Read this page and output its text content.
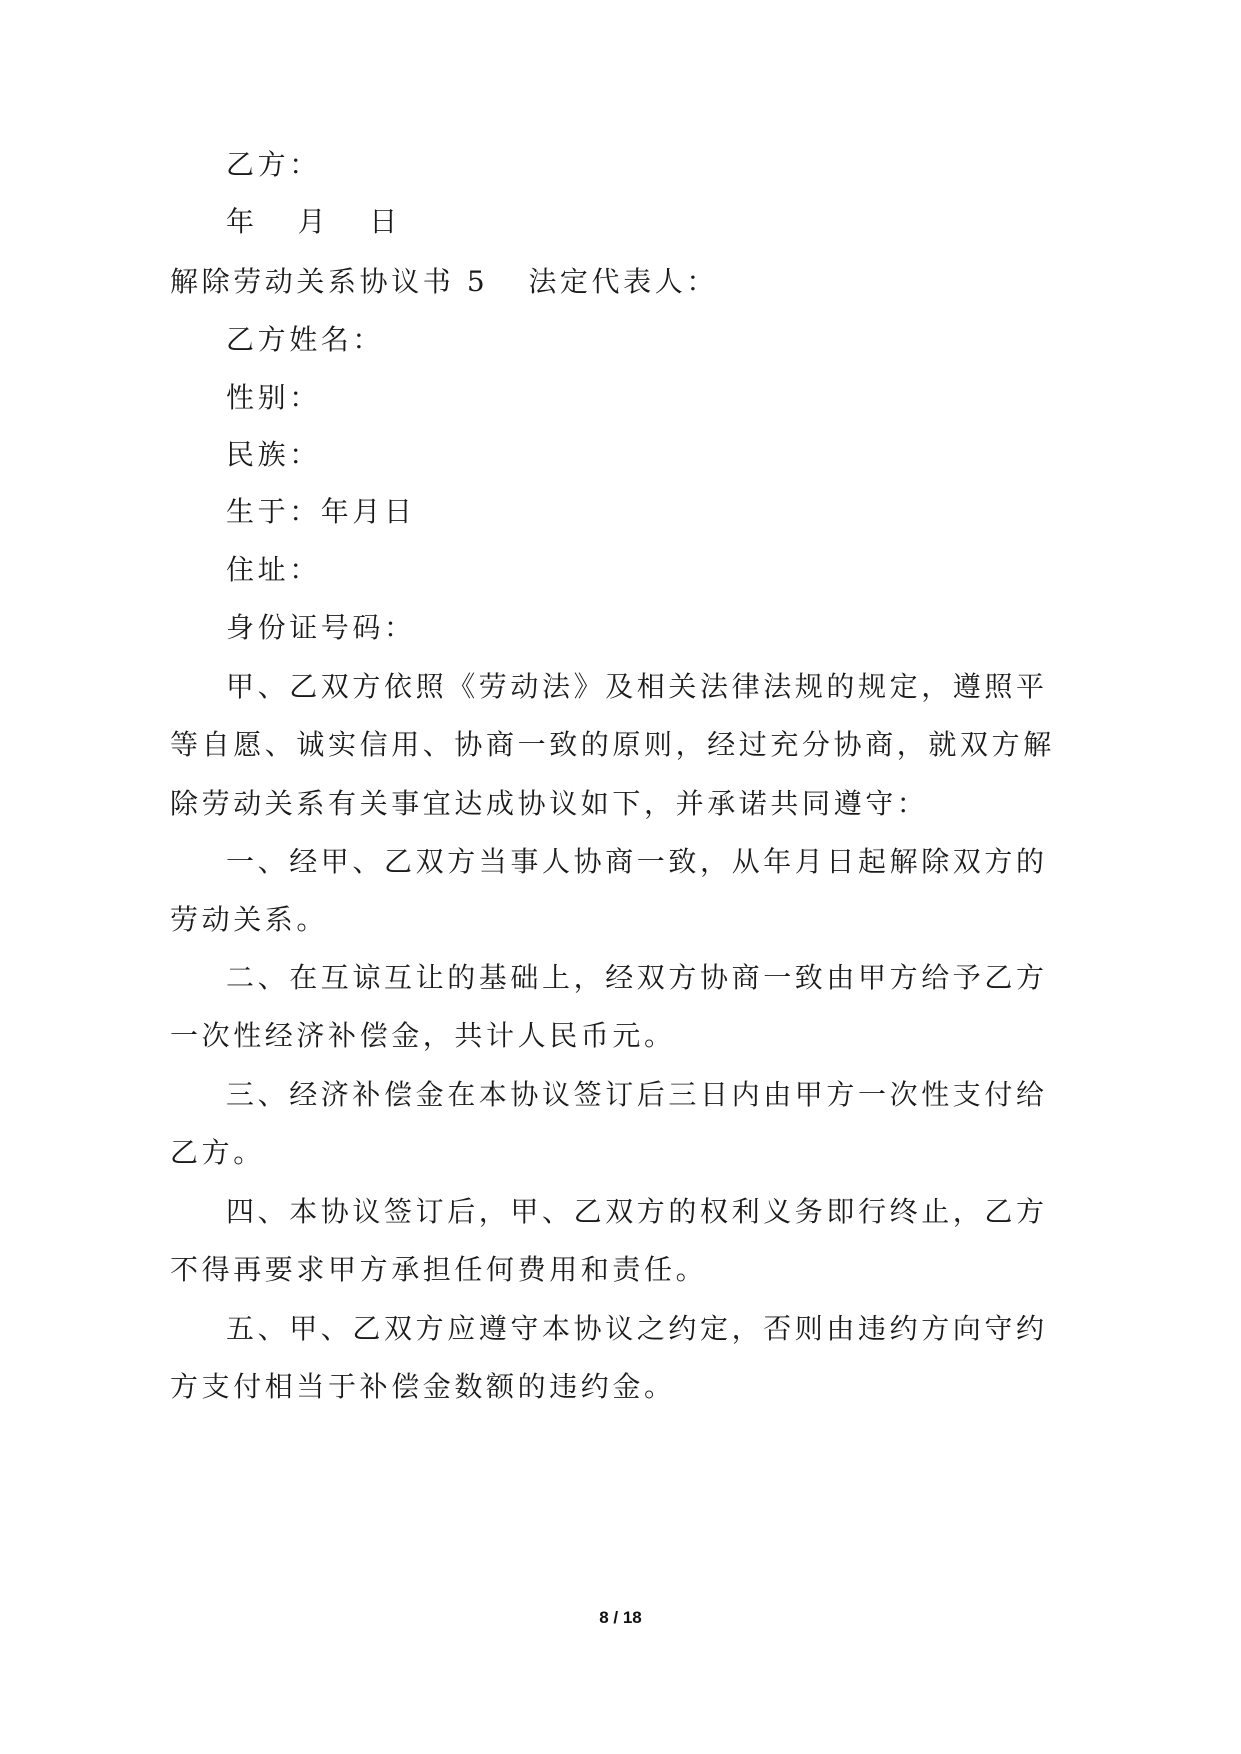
乙方：
年 月 日
解除劳动关系协议书 5 法定代表人：
乙方姓名：
性别：
民族：
生于：年月日
住址：
身份证号码：
甲、乙双方依照《劳动法》及相关法律法规的规定，遵照平
等自愿、诚实信用、协商一致的原则，经过充分协商，就双方解
除劳动关系有关事宜达成协议如下，并承诺共同遵守：
一、经甲、乙双方当事人协商一致，从年月日起解除双方的
劳动关系。
二、在互谅互让的基础上，经双方协商一致由甲方给予乙方
一次性经济补偿金，共计人民币元。
三、经济补偿金在本协议签订后三日内由甲方一次性支付给
乙方。
四、本协议签订后，甲、乙双方的权利义务即行终止，乙方
不得再要求甲方承担任何费用和责任。
五、甲、乙双方应遵守本协议之约定，否则由违约方向守约
方支付相当于补偿金数额的违约金。
8 / 18
